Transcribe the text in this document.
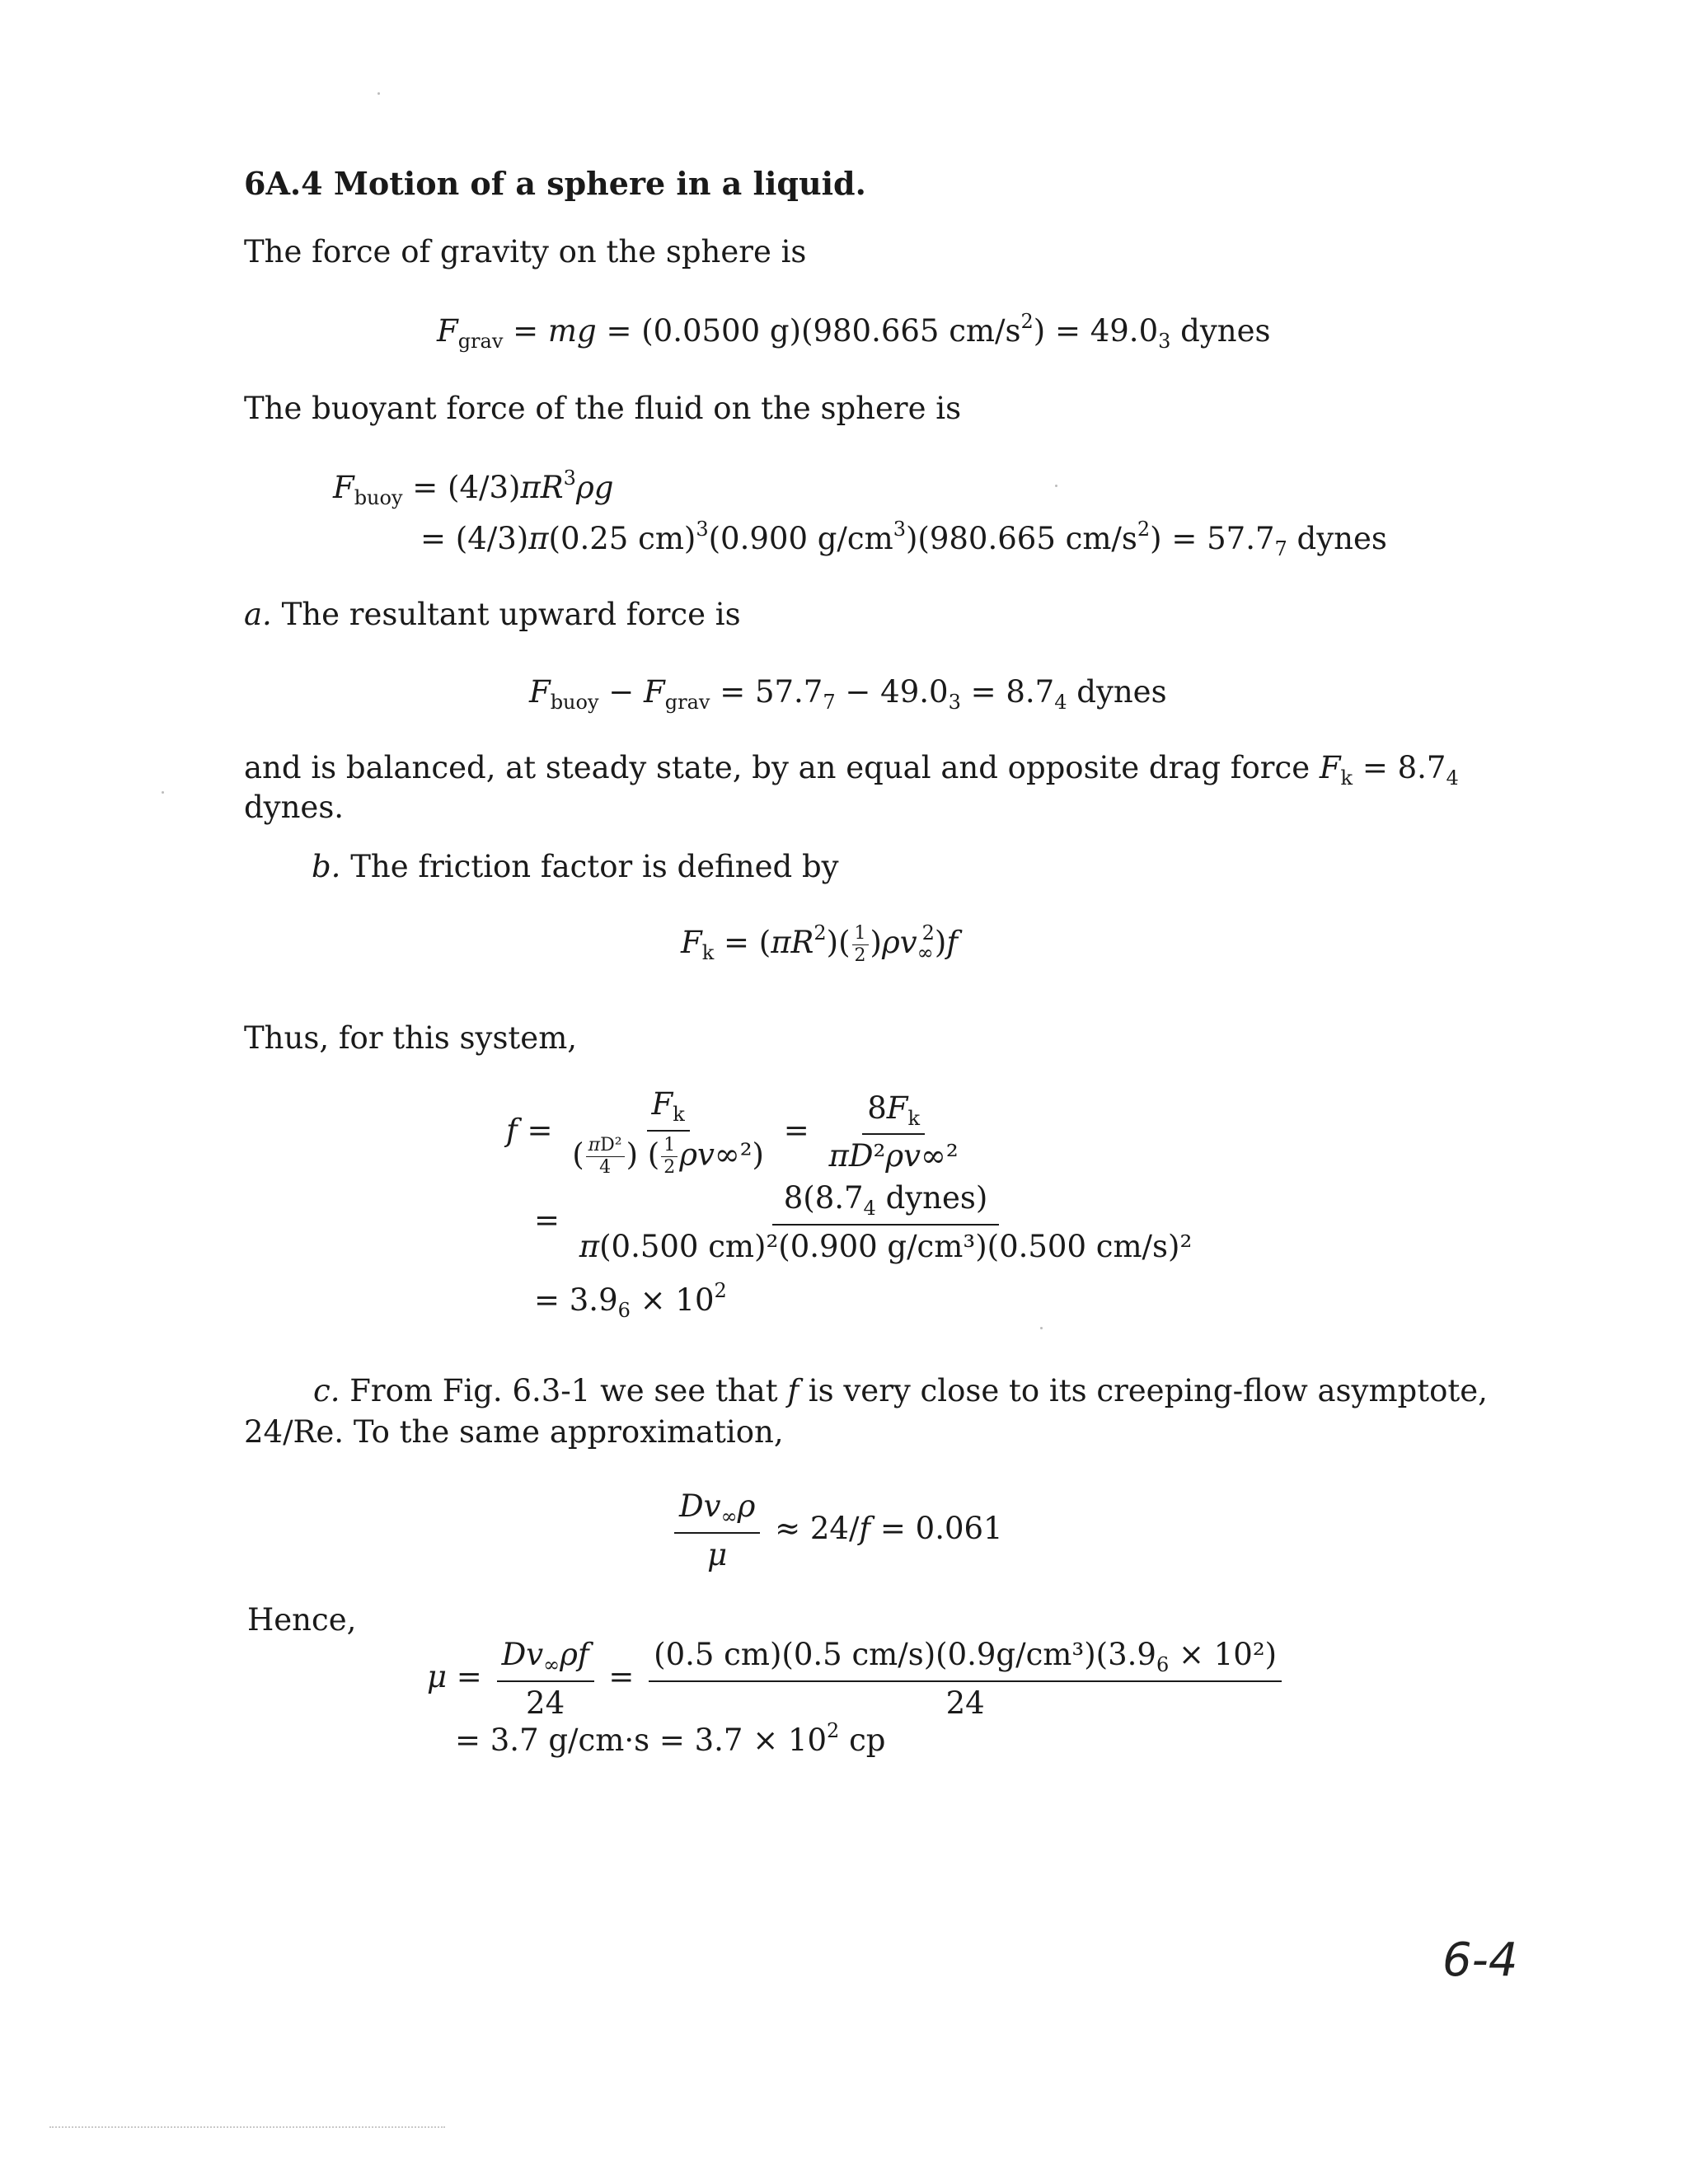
6A.4 Motion of a sphere in a liquid.
The force of gravity on the sphere is
$F_{grav}$ = mg = (0.0500 g)(980.665 $cm/s^2) = 49.0_3$ dynes
The buoyant force of the fluid on the sphere is
$F_{buoy} = (4/3)\pi R^3\rho g$
= (4/3)π(0.25 cm)$^3$(0.900 $g/cm^3)(980.665$ $cm/s^2) = 57.7_7$ dynes
a. The resultant upward force is
$F_{buoy} - F_{grav} = 57.7_7 - 49.0_3 = 8.7_4$ dynes
and is balanced, at steady state, by an equal and opposite drag force $F_k = 8.7_4$
dynes.
b. The friction factor is defined by
$F_k = (\pi R^2)( \frac{1}{2} )\rho v_\infty^2)f$
Thus, for this system,
$f = \frac{F_k}{( \frac{\text{πD²}}{4} ) ( \frac{1}{2} \rho v\infty^2)} = \frac{8F_k}{\text{πD²ρv∞²}}$
= $\frac{8(8.7_4 dynes)}{\text{π(0.500 cm)²(0.900 g/cm³)(0.500 cm/s)²}}$
= $3.9_6 \times 10^2$
c. From Fig. 6.3-1 we see that f is very close to its creeping-flow asymptote,
24/Re. To the same approximation,
$\frac{Dv_\infty\rho}{\mu} \approx 24/f = 0.061$
Hence,
$\mu = \frac{Dv_\infty\rho f}{24} = \frac{(0.5 cm)(0.5 cm/s)(0.9g/cm^3)(3.9_6 \times 10^2)}{24}$
= 3.7 $g/cm\cdot s = 3.7 \times 10^2$ cp
6-4
